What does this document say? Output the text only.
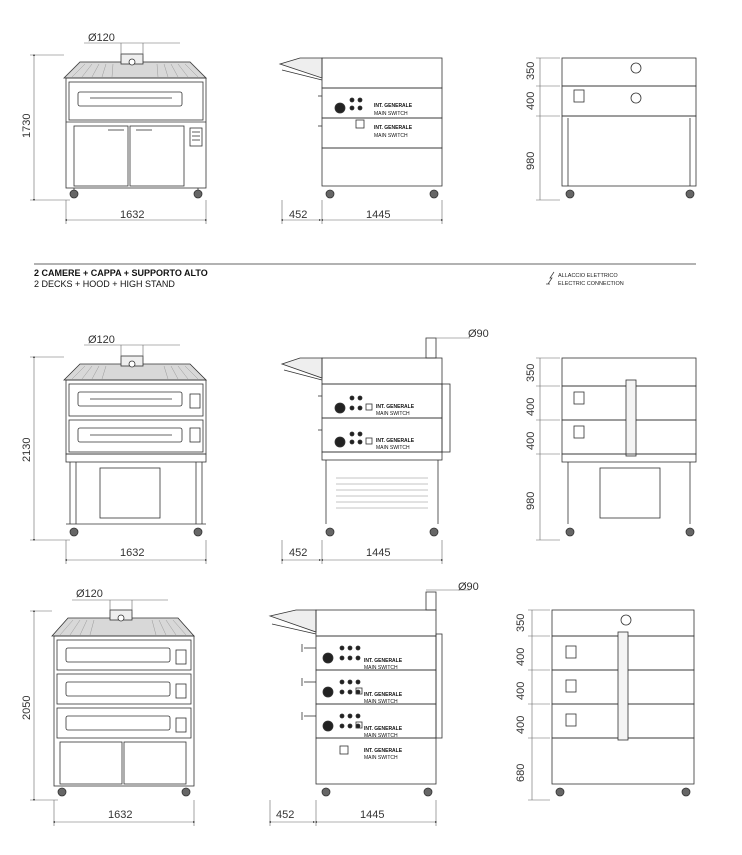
Ø120
1730
1632	452	1445
350
400
980
INT. GENERALE
MAIN SWITCH
INT. GENERALE
MAIN SWITCH
Ø120
2130
1632	452	1445
Ø90
350
400
400
980
INT. GENERALE
MAIN SWITCH
INT. GENERALE
MAIN SWITCH
Ø120
2050
1632	452	1445
Ø90
350
400
400
400
680
INT. GENERALE
MAIN SWITCH
INT. GENERALE
MAIN SWITCH
INT. GENERALE
MAIN SWITCH
INT. GENERALE
MAIN SWITCH
2 CAMERE + CAPPA + SUPPORTO ALTO
2 DECKS + HOOD + HIGH STAND
ALLACCIO ELETTRICO
ELECTRIC CONNECTION
